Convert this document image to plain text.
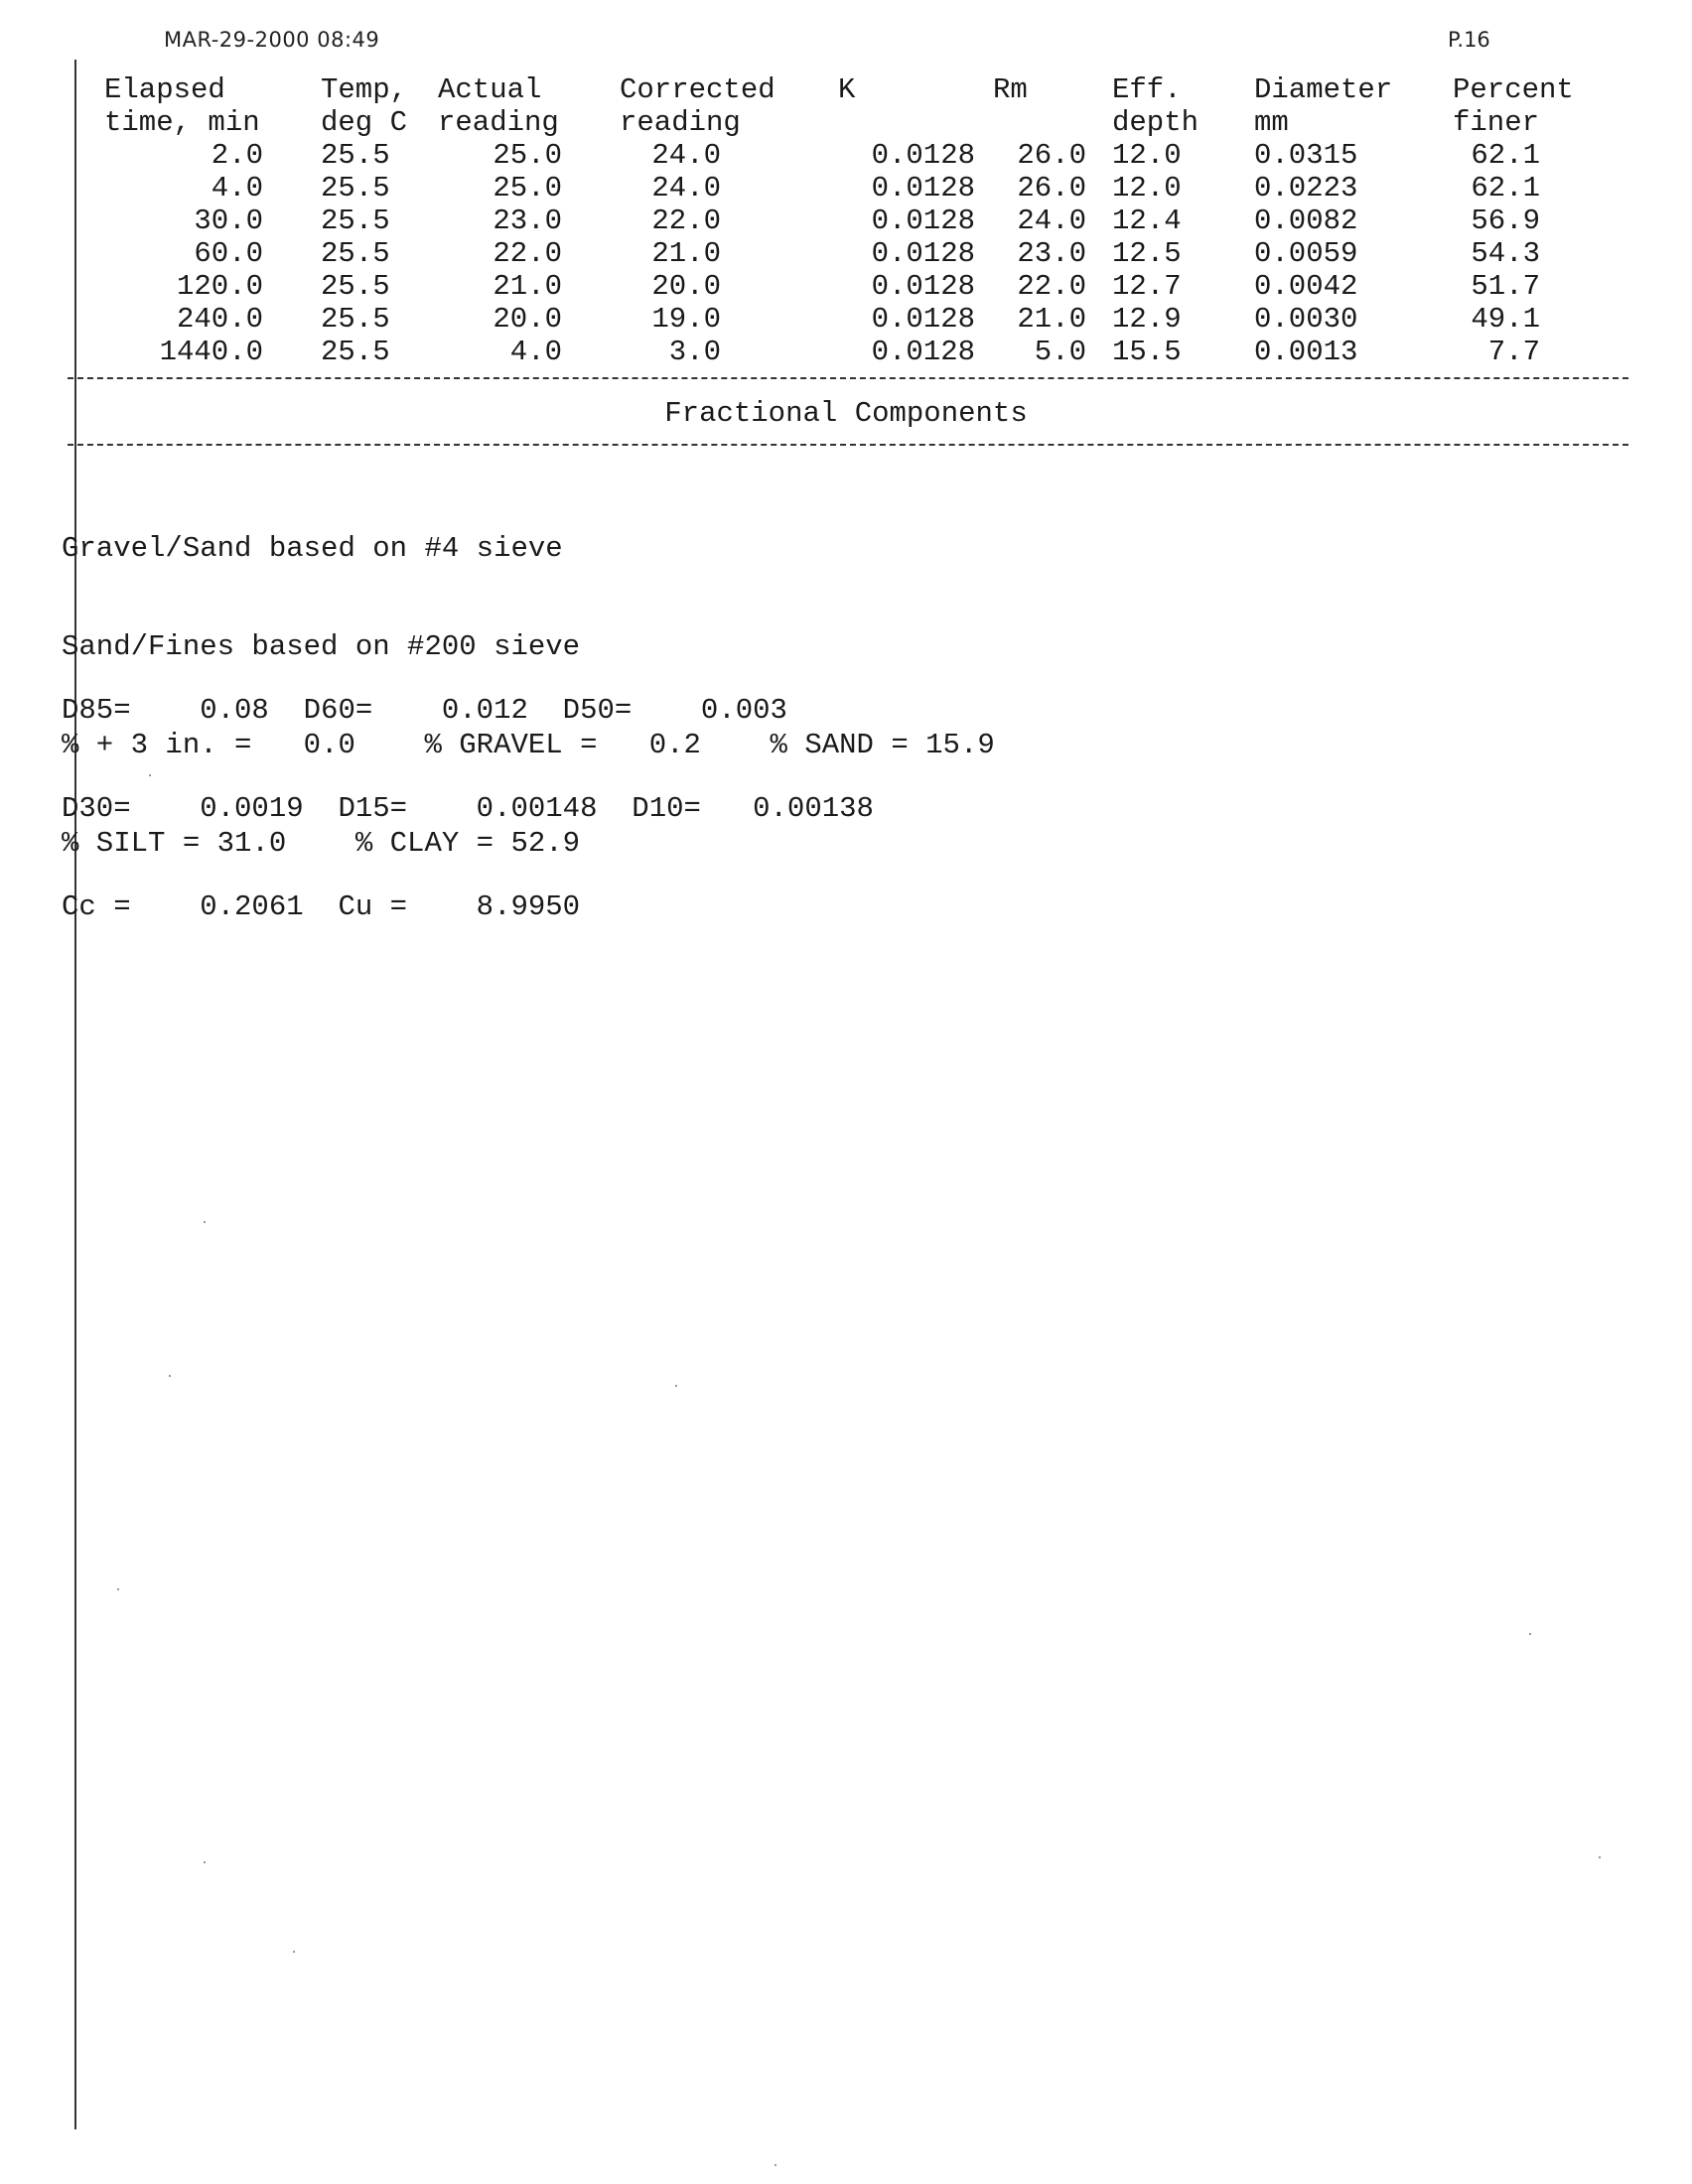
MAR-29-2000 08:49	P.16
Elapsed	Temp,	Actual	Corrected	K	Rm	Eff.	Diameter	Percent
time, min	deg C	reading	reading			depth	mm	finer
2.0	25.5	25.0	24.0	0.0128	26.0	12.0	0.0315	62.1
4.0	25.5	25.0	24.0	0.0128	26.0	12.0	0.0223	62.1
30.0	25.5	23.0	22.0	0.0128	24.0	12.4	0.0082	56.9
60.0	25.5	22.0	21.0	0.0128	23.0	12.5	0.0059	54.3
120.0	25.5	21.0	20.0	0.0128	22.0	12.7	0.0042	51.7
240.0	25.5	20.0	19.0	0.0128	21.0	12.9	0.0030	49.1
1440.0	25.5	4.0	3.0	0.0128	5.0	15.5	0.0013	7.7
Fractional Components

Gravel/Sand based on #4 sieve

Sand/Fines based on #200 sieve

% + 3 in. =   0.0    % GRAVEL =   0.2    % SAND = 15.9

% SILT = 31.0    % CLAY = 52.9

D85=    0.08  D60=    0.012  D50=    0.003

D30=    0.0019  D15=    0.00148  D10=   0.00138

Cc =    0.2061  Cu =    8.9950
